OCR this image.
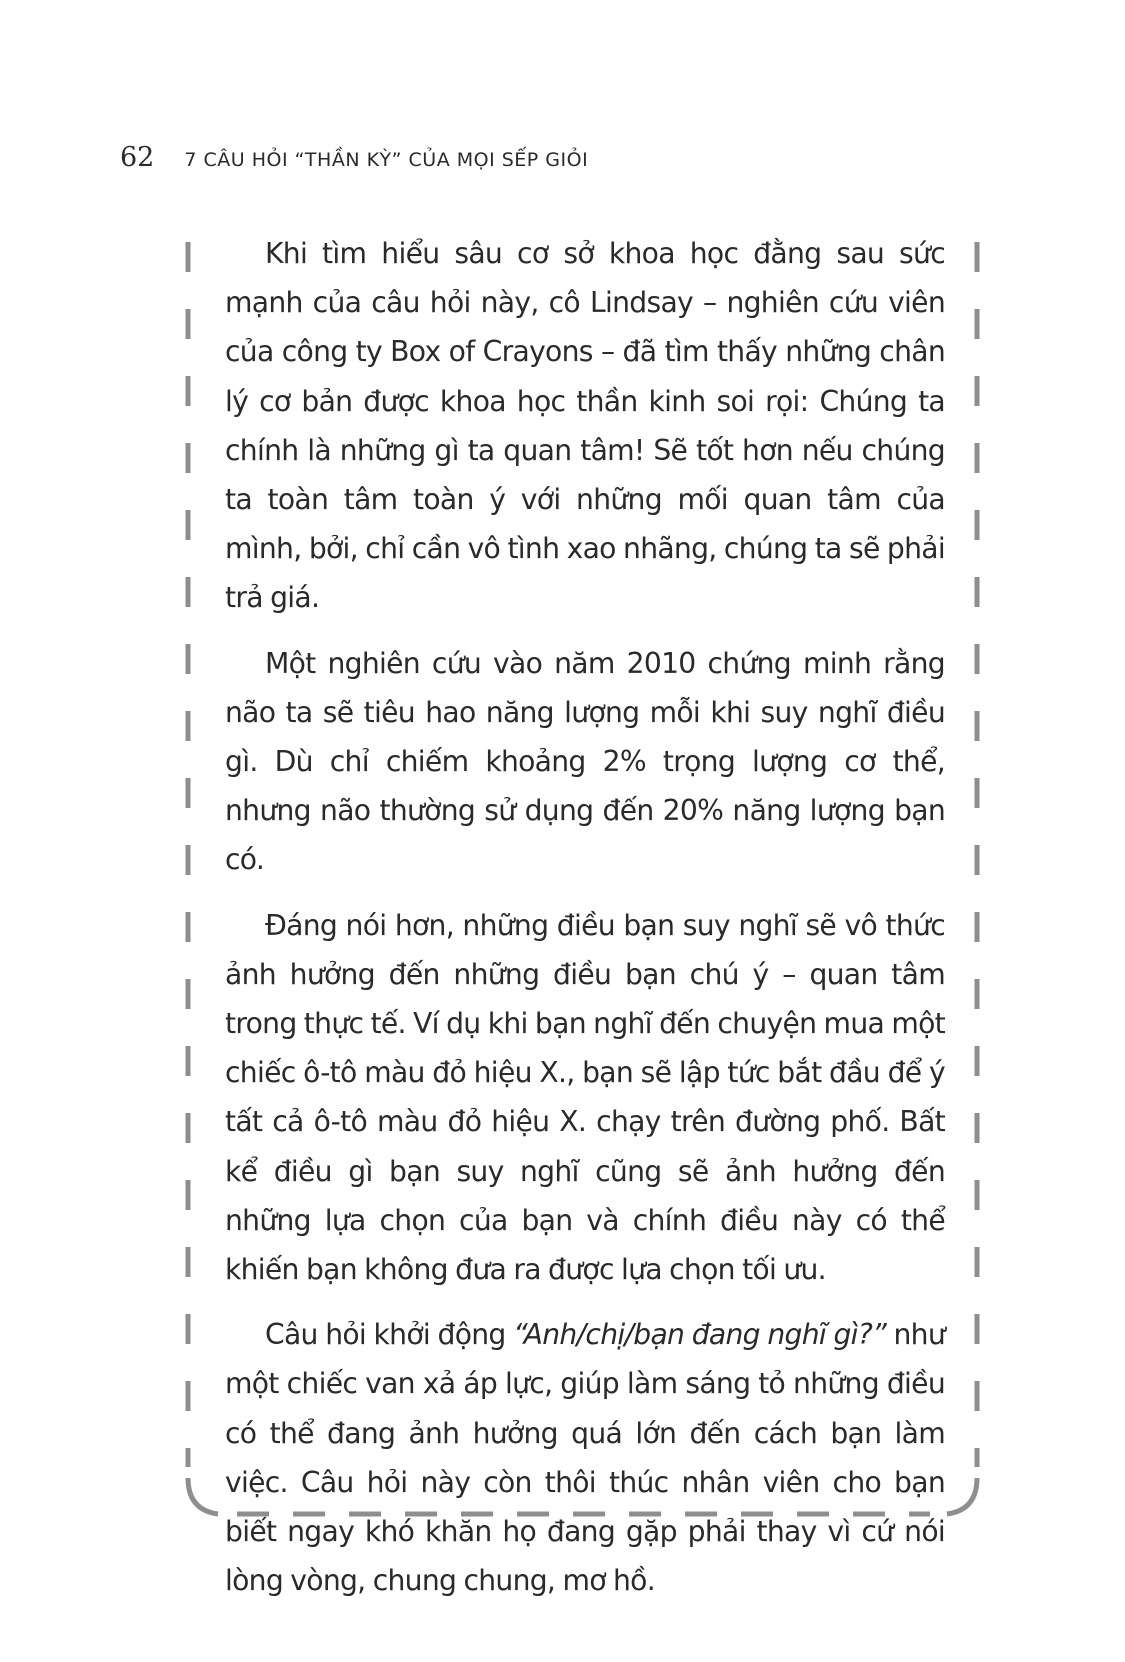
62 7 CÂU HỎI “THẦN KỲ” CỦA MỌI SẾP GIỎI

Khi tìm hiểu sâu cơ sở khoa học đằng sau sức mạnh của câu hỏi này, cô Lindsay – nghiên cứu viên của công ty Box of Crayons – đã tìm thấy những chân lý cơ bản được khoa học thần kinh soi rọi: Chúng ta chính là những gì ta quan tâm! Sẽ tốt hơn nếu chúng ta toàn tâm toàn ý với những mối quan tâm của mình, bởi, chỉ cần vô tình xao nhãng, chúng ta sẽ phải trả giá.

Một nghiên cứu vào năm 2010 chứng minh rằng não ta sẽ tiêu hao năng lượng mỗi khi suy nghĩ điều gì. Dù chỉ chiếm khoảng 2% trọng lượng cơ thể, nhưng não thường sử dụng đến 20% năng lượng bạn có.

Đáng nói hơn, những điều bạn suy nghĩ sẽ vô thức ảnh hưởng đến những điều bạn chú ý – quan tâm trong thực tế. Ví dụ khi bạn nghĩ đến chuyện mua một chiếc ô-tô màu đỏ hiệu X., bạn sẽ lập tức bắt đầu để ý tất cả ô-tô màu đỏ hiệu X. chạy trên đường phố. Bất kể điều gì bạn suy nghĩ cũng sẽ ảnh hưởng đến những lựa chọn của bạn và chính điều này có thể khiến bạn không đưa ra được lựa chọn tối ưu.

Câu hỏi khởi động “Anh/chị/bạn đang nghĩ gì?” như một chiếc van xả áp lực, giúp làm sáng tỏ những điều có thể đang ảnh hưởng quá lớn đến cách bạn làm việc. Câu hỏi này còn thôi thúc nhân viên cho bạn biết ngay khó khăn họ đang gặp phải thay vì cứ nói lòng vòng, chung chung, mơ hồ.
